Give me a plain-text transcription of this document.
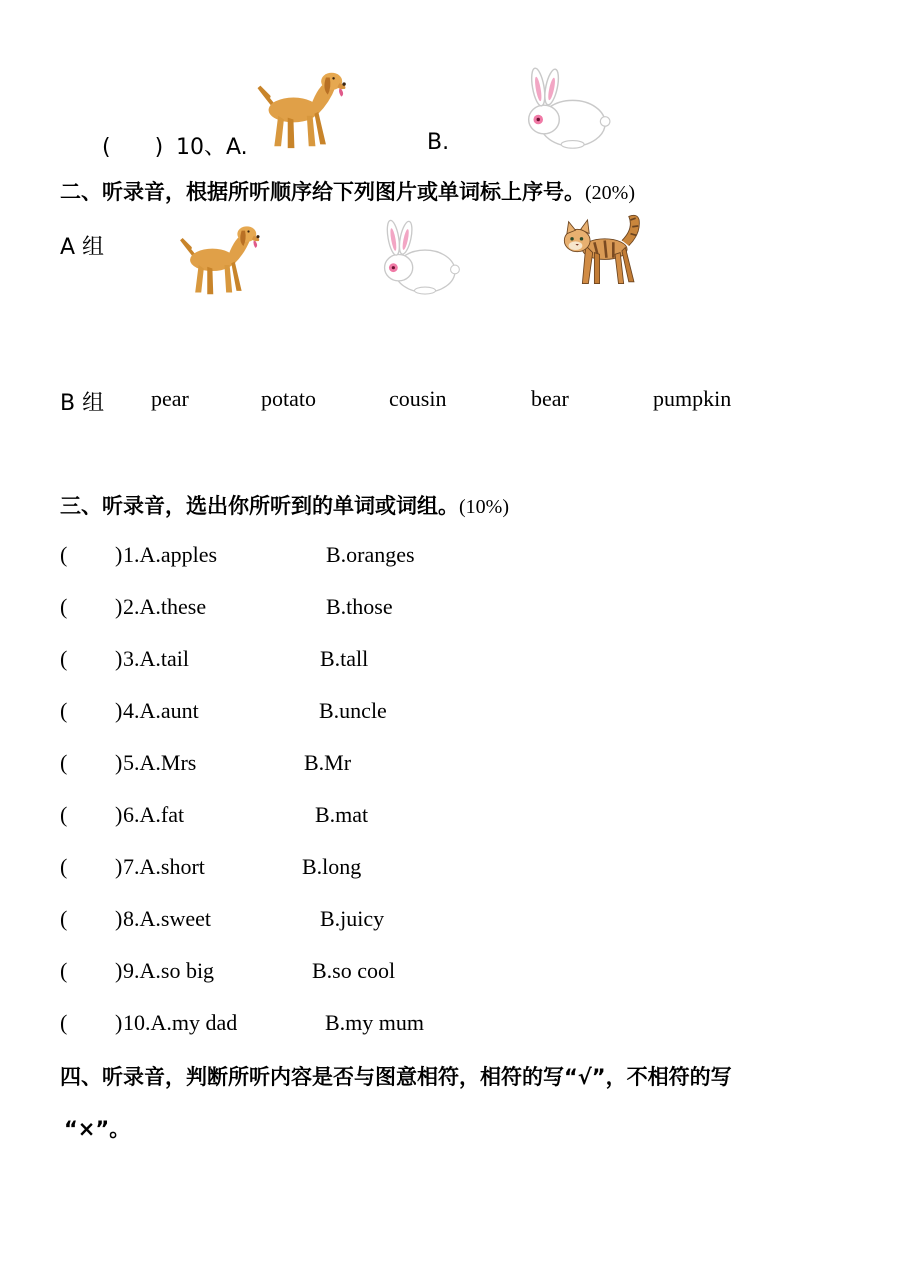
(　　) 10、A.	B.
二、听录音，根据所听顺序给下列图片或单词标上序号。(20%)
A 组
B 组 pear	potato	cousin	bear	pumpkin
三、听录音，选出你所听到的单词或词组。(10%)
( ) 1.A.apples	B.oranges
( ) 2.A.these	B.those
( ) 3.A.tail	B.tall
( ) 4.A.aunt	B.uncle
( ) 5.A.Mrs	B.Mr
( ) 6.A.fat	B.mat
( ) 7.A.short	B.long
( ) 8.A.sweet	B.juicy
( ) 9.A.so big	B.so cool
( ) 10.A.my dad	B.my mum
四、听录音，判断所听内容是否与图意相符，相符的写“√”，不相符的写
“×”。
